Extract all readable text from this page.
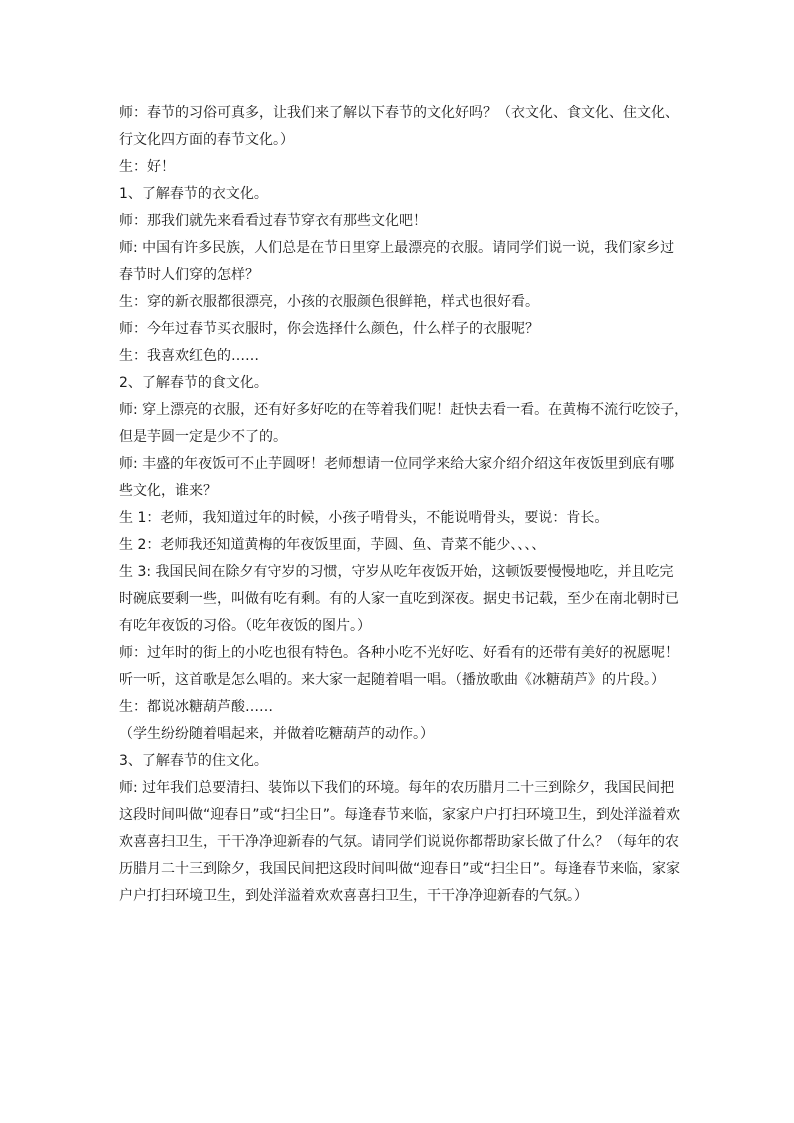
师：春节的习俗可真多，让我们来了解以下春节的文化好吗？（衣文化、食文化、住文化、
行文化四方面的春节文化。）
生：好！
1、了解春节的衣文化。
师：那我们就先来看看过春节穿衣有那些文化吧！
师: 中国有许多民族，人们总是在节日里穿上最漂亮的衣服。请同学们说一说，我们家乡过
春节时人们穿的怎样？
生：穿的新衣服都很漂亮，小孩的衣服颜色很鲜艳，样式也很好看。
师：今年过春节买衣服时，你会选择什么颜色，什么样子的衣服呢？
生：我喜欢红色的……
2、了解春节的食文化。
师: 穿上漂亮的衣服，还有好多好吃的在等着我们呢！赶快去看一看。在黄梅不流行吃饺子，
但是芋圆一定是少不了的。
师: 丰盛的年夜饭可不止芋圆呀！老师想请一位同学来给大家介绍介绍这年夜饭里到底有哪
些文化，谁来？
生 1：老师，我知道过年的时候，小孩子啃骨头，不能说啃骨头，要说：肯长。
生 2：老师我还知道黄梅的年夜饭里面，芋圆、鱼、青菜不能少、、、、
生 3: 我国民间在除夕有守岁的习惯，守岁从吃年夜饭开始，这顿饭要慢慢地吃，并且吃完
时碗底要剩一些，叫做有吃有剩。有的人家一直吃到深夜。据史书记载，至少在南北朝时已
有吃年夜饭的习俗。（吃年夜饭的图片。）
师：过年时的街上的小吃也很有特色。各种小吃不光好吃、好看有的还带有美好的祝愿呢！
听一听，这首歌是怎么唱的。来大家一起随着唱一唱。（播放歌曲《冰糖葫芦》的片段。）
生：都说冰糖葫芦酸……
（学生纷纷随着唱起来，并做着吃糖葫芦的动作。）
3、了解春节的住文化。
师: 过年我们总要清扫、装饰以下我们的环境。每年的农历腊月二十三到除夕，我国民间把
这段时间叫做“迎春日”或“扫尘日”。每逢春节来临，家家户户打扫环境卫生，到处洋溢着欢
欢喜喜扫卫生，干干净净迎新春的气氛。请同学们说说你都帮助家长做了什么？（每年的农
历腊月二十三到除夕，我国民间把这段时间叫做“迎春日”或“扫尘日”。每逢春节来临，家家
户户打扫环境卫生，到处洋溢着欢欢喜喜扫卫生，干干净净迎新春的气氛。）
